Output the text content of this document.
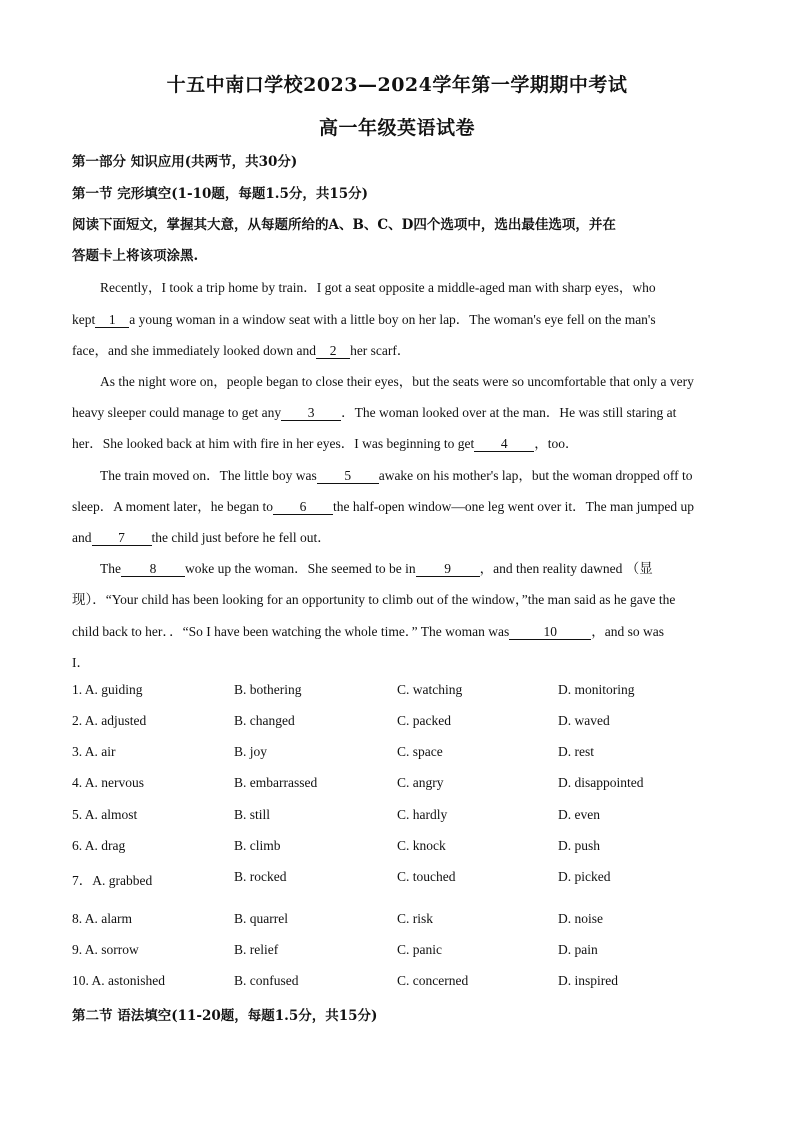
十五中南口学校2023—2024学年第一学期期中考试
高一年级英语试卷
第一部分 知识应用(共两节，共30分)
第一节 完形填空(1-10题，每题1.5分，共15分)
阅读下面短文，掌握其大意，从每题所给的A、B、C、D四个选项中，选出最佳选项，并在
答题卡上将该项涂黑.
Recently，I took a trip home by train．I got a seat opposite a middle-aged man with sharp eyes，who
kept 1 a young woman in a window seat with a little boy on her lap．The woman's eye fell on the man's
face，and she immediately looked down and 2 her scarf．
As the night wore on，people began to close their eyes，but the seats were so uncomfortable that only a very
heavy sleeper could manage to get any 3 ．The woman looked over at the man．He was still staring at
her．She looked back at him with fire in her eyes．I was beginning to get 4 ，too．
The train moved on．The little boy was 5 awake on his mother's lap，but the woman dropped off to
sleep．A moment later，he began to 6 the half-open window—one leg went over it．The man jumped up
and 7 the child just before he fell out．
The 8 woke up the woman．She seemed to be in 9 ，and then reality dawned （显
现）．“Your child has been looking for an opportunity to climb out of the window，”the man said as he gave the
child back to her．．“So I have been watching the whole time．” The woman was	10	，and so was
I．
1. A. guiding	B. bothering	C. watching	D. monitoring
2. A. adjusted	B. changed	C. packed	D. waved
3. A. air	B. joy	C. space	D. rest
4. A. nervous	B. embarrassed	C. angry	D. disappointed
5. A. almost	B. still	C. hardly	D. even
6. A. drag	B. climb	C. knock	D. push
7．A. grabbed	B. rocked	C. touched	D. picked
8. A. alarm	B. quarrel	C. risk	D. noise
9. A. sorrow	B. relief	C. panic	D. pain
10. A. astonished	B. confused	C. concerned	D. inspired
第二节 语法填空(11-20题，每题1.5分，共15分)
